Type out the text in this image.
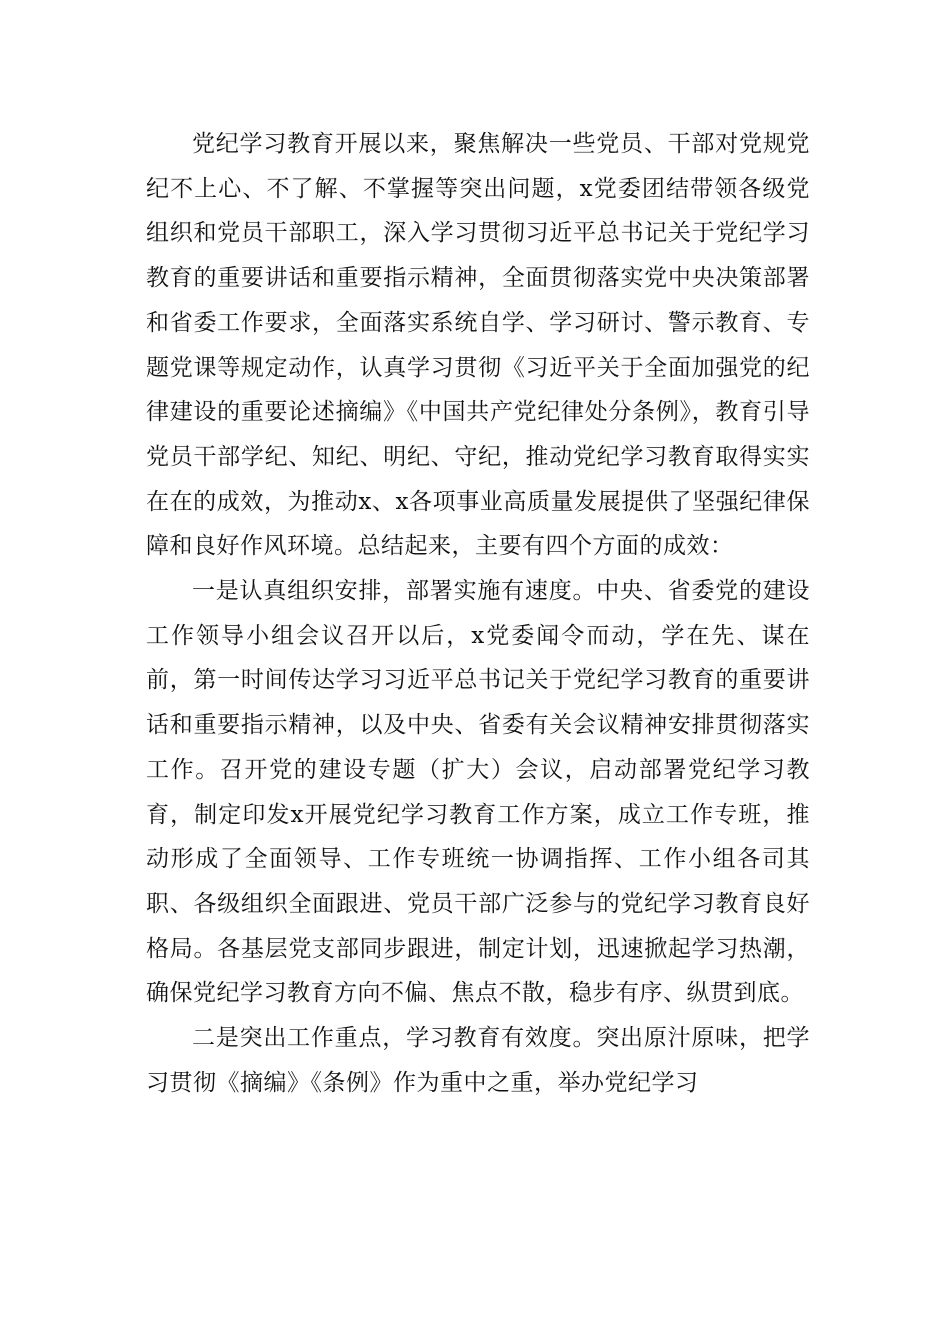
党纪学习教育开展以来，聚焦解决一些党员、干部对党规党纪不上心、不了解、不掌握等突出问题，x党委团结带领各级党组织和党员干部职工，深入学习贯彻习近平总书记关于党纪学习教育的重要讲话和重要指示精神，全面贯彻落实党中央决策部署和省委工作要求，全面落实系统自学、学习研讨、警示教育、专题党课等规定动作，认真学习贯彻《习近平关于全面加强党的纪律建设的重要论述摘编》《中国共产党纪律处分条例》，教育引导党员干部学纪、知纪、明纪、守纪，推动党纪学习教育取得实实在在的成效，为推动x、x各项事业高质量发展提供了坚强纪律保障和良好作风环境。总结起来，主要有四个方面的成效：

一是认真组织安排，部署实施有速度。中央、省委党的建设工作领导小组会议召开以后，x党委闻令而动，学在先、谋在前，第一时间传达学习习近平总书记关于党纪学习教育的重要讲话和重要指示精神，以及中央、省委有关会议精神安排贯彻落实工作。召开党的建设专题（扩大）会议，启动部署党纪学习教育，制定印发x开展党纪学习教育工作方案，成立工作专班，推动形成了全面领导、工作专班统一协调指挥、工作小组各司其职、各级组织全面跟进、党员干部广泛参与的党纪学习教育良好格局。各基层党支部同步跟进，制定计划，迅速掀起学习热潮，确保党纪学习教育方向不偏、焦点不散，稳步有序、纵贯到底。

二是突出工作重点，学习教育有效度。突出原汁原味，把学习贯彻《摘编》《条例》作为重中之重，举办党纪学习
